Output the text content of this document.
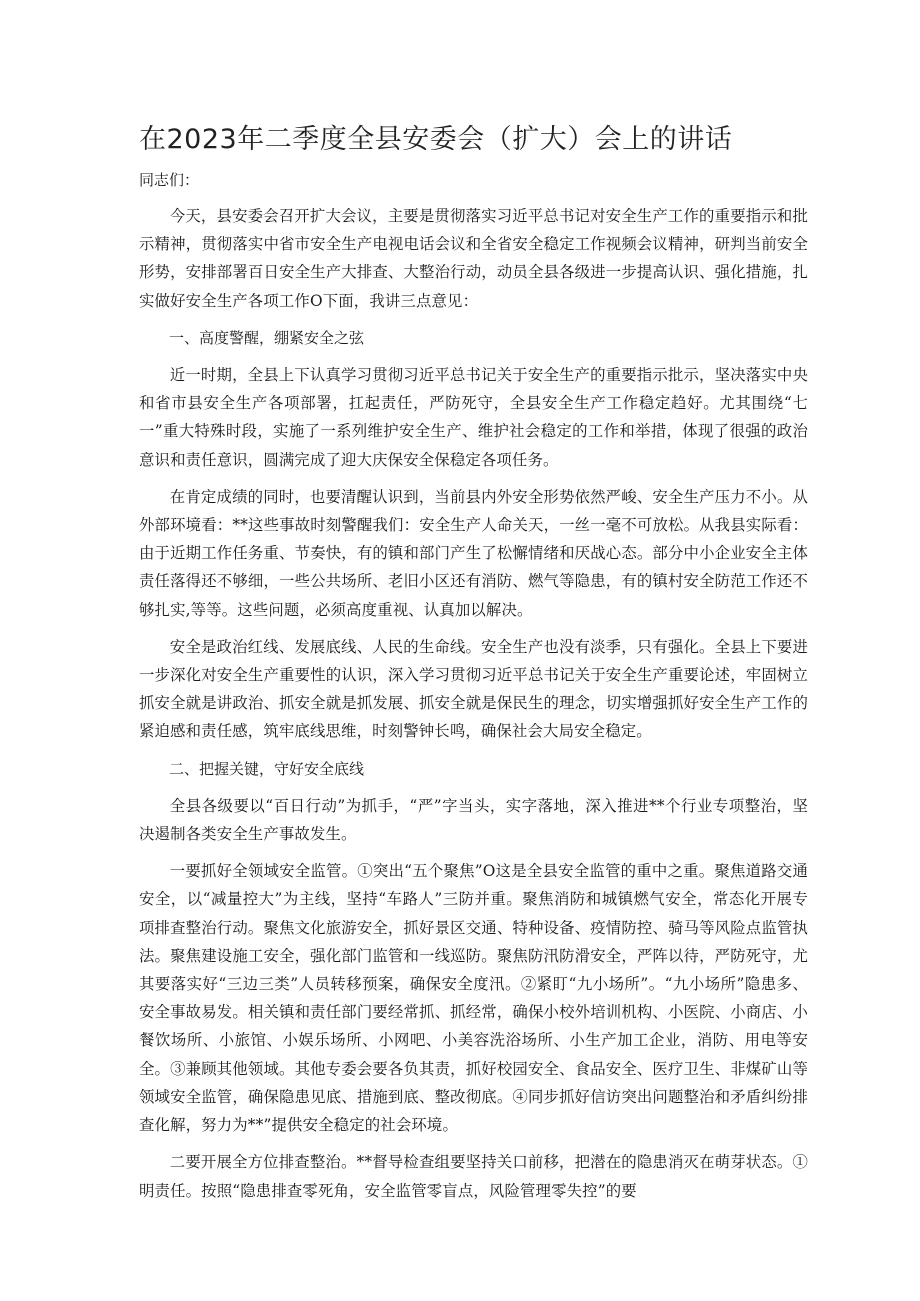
在2023年二季度全县安委会（扩大）会上的讲话

同志们：

今天，县安委会召开扩大会议，主要是贯彻落实习近平总书记对安全生产工作的重要指示和批示精神，贯彻落实中省市安全生产电视电话会议和全省安全稳定工作视频会议精神，研判当前安全形势，安排部署百日安全生产大排查、大整治行动，动员全县各级进一步提高认识、强化措施，扎实做好安全生产各项工作O下面，我讲三点意见：

一、高度警醒，绷紧安全之弦

近一时期，全县上下认真学习贯彻习近平总书记关于安全生产的重要指示批示，坚决落实中央和省市县安全生产各项部署，扛起责任，严防死守，全县安全生产工作稳定趋好。尤其围绕“七一”重大特殊时段，实施了一系列维护安全生产、维护社会稳定的工作和举措，体现了很强的政治意识和责任意识，圆满完成了迎大庆保安全保稳定各项任务。

在肯定成绩的同时，也要清醒认识到，当前县内外安全形势依然严峻、安全生产压力不小。从外部环境看：**这些事故时刻警醒我们：安全生产人命关天，一丝一毫不可放松。从我县实际看：由于近期工作任务重、节奏快，有的镇和部门产生了松懈情绪和厌战心态。部分中小企业安全主体责任落得还不够细，一些公共场所、老旧小区还有消防、燃气等隐患，有的镇村安全防范工作还不够扎实,等等。这些问题，必须高度重视、认真加以解决。

安全是政治红线、发展底线、人民的生命线。安全生产也没有淡季，只有强化。全县上下要进一步深化对安全生产重要性的认识，深入学习贯彻习近平总书记关于安全生产重要论述，牢固树立抓安全就是讲政治、抓安全就是抓发展、抓安全就是保民生的理念，切实增强抓好安全生产工作的紧迫感和责任感，筑牢底线思维，时刻警钟长鸣，确保社会大局安全稳定。

二、把握关键，守好安全底线

全县各级要以“百日行动”为抓手，“严”字当头，实字落地，深入推进**个行业专项整治，坚决遏制各类安全生产事故发生。

一要抓好全领域安全监管。①突出“五个聚焦”O这是全县安全监管的重中之重。聚焦道路交通安全，以“减量控大”为主线，坚持“车路人”三防并重。聚焦消防和城镇燃气安全，常态化开展专项排查整治行动。聚焦文化旅游安全，抓好景区交通、特种设备、疫情防控、骑马等风险点监管执法。聚焦建设施工安全，强化部门监管和一线巡防。聚焦防汛防滑安全，严阵以待，严防死守，尤其要落实好“三边三类”人员转移预案，确保安全度汛。②紧盯“九小场所”。“九小场所”隐患多、安全事故易发。相关镇和责任部门要经常抓、抓经常，确保小校外培训机构、小医院、小商店、小餐饮场所、小旅馆、小娱乐场所、小网吧、小美容洗浴场所、小生产加工企业，消防、用电等安全。③兼顾其他领域。其他专委会要各负其责，抓好校园安全、食品安全、医疗卫生、非煤矿山等领域安全监管，确保隐患见底、措施到底、整改彻底。④同步抓好信访突出问题整治和矛盾纠纷排查化解，努力为**”提供安全稳定的社会环境。

二要开展全方位排查整治。**督导检查组要坚持关口前移，把潜在的隐患消灭在萌芽状态。①明责任。按照“隐患排查零死角，安全监管零盲点，风险管理零失控”的要
